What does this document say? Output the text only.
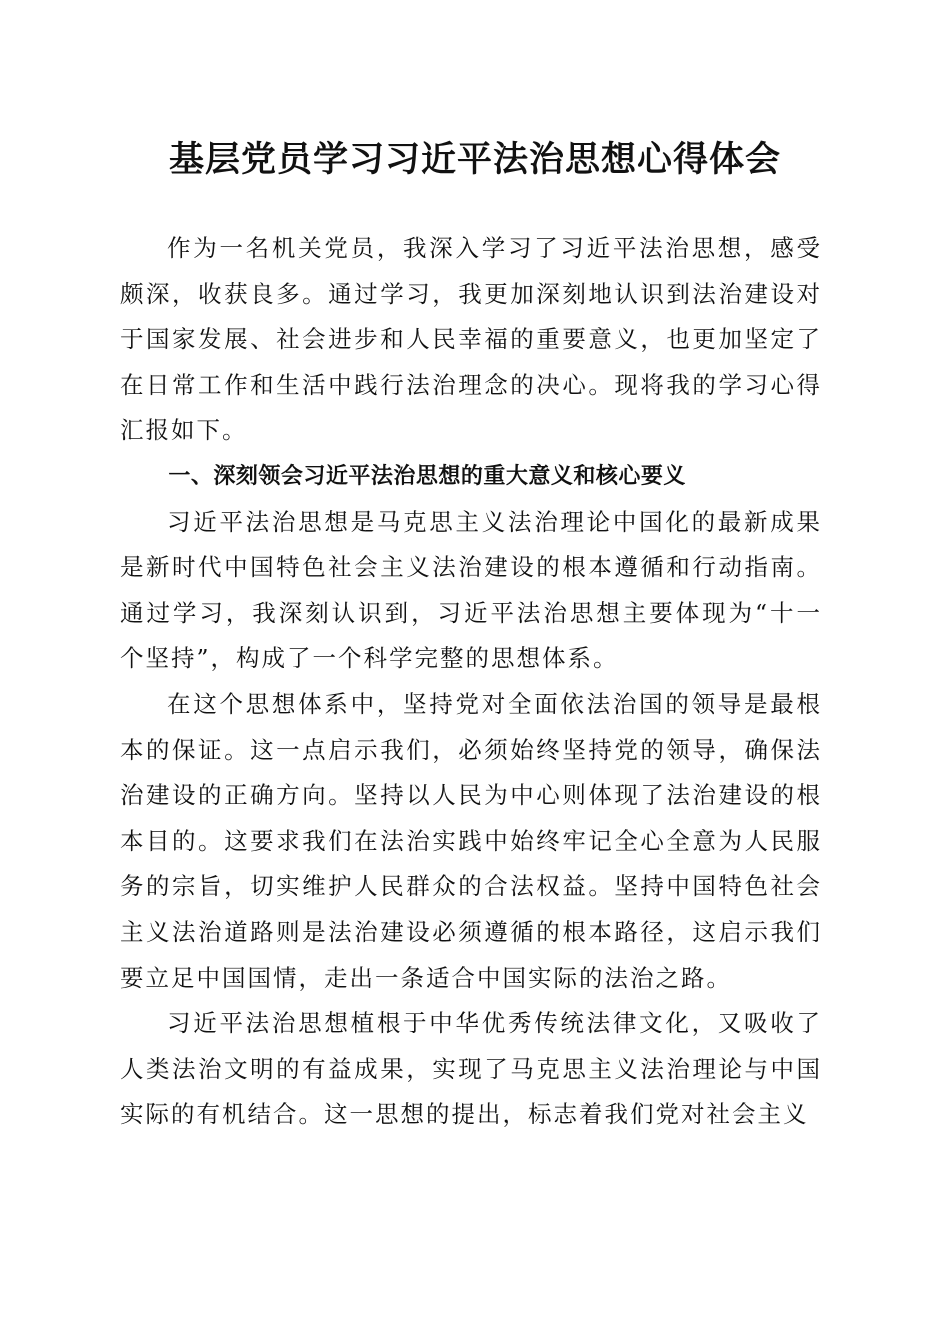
基层党员学习习近平法治思想心得体会

作为一名机关党员，我深入学习了习近平法治思想，感受颇深，收获良多。通过学习，我更加深刻地认识到法治建设对于国家发展、社会进步和人民幸福的重要意义，也更加坚定了在日常工作和生活中践行法治理念的决心。现将我的学习心得汇报如下。

一、深刻领会习近平法治思想的重大意义和核心要义

习近平法治思想是马克思主义法治理论中国化的最新成果是新时代中国特色社会主义法治建设的根本遵循和行动指南。通过学习，我深刻认识到，习近平法治思想主要体现为“十一个坚持”，构成了一个科学完整的思想体系。

在这个思想体系中，坚持党对全面依法治国的领导是最根本的保证。这一点启示我们，必须始终坚持党的领导，确保法治建设的正确方向。坚持以人民为中心则体现了法治建设的根本目的。这要求我们在法治实践中始终牢记全心全意为人民服务的宗旨，切实维护人民群众的合法权益。坚持中国特色社会主义法治道路则是法治建设必须遵循的根本路径，这启示我们要立足中国国情，走出一条适合中国实际的法治之路。

习近平法治思想植根于中华优秀传统法律文化，又吸收了人类法治文明的有益成果，实现了马克思主义法治理论与中国实际的有机结合。这一思想的提出，标志着我们党对社会主义
